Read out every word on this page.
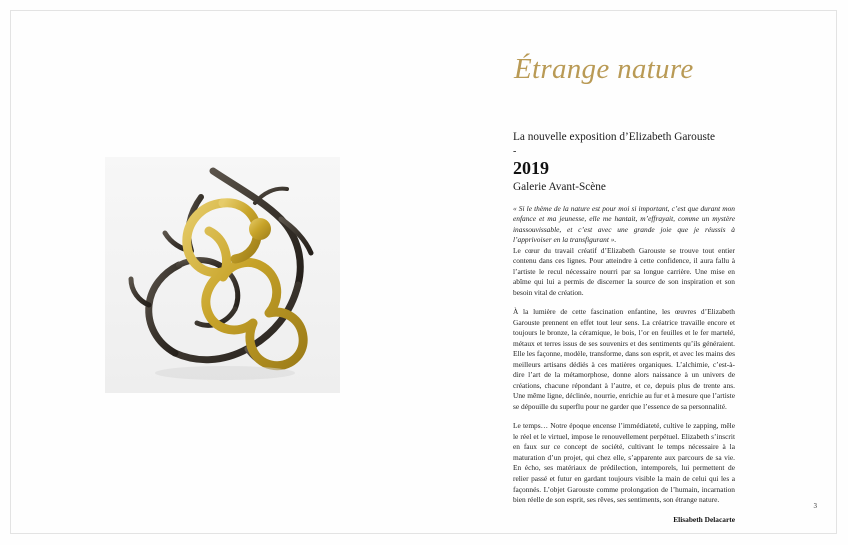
Étrange nature

La nouvelle exposition d’Elizabeth Garouste

-

2019

Galerie Avant-Scène

« Si le thème de la nature est pour moi si important, c’est que durant mon enfance et ma jeunesse, elle me hantait, m’effrayait, comme un mystère inassouvissable, et c’est avec une grande joie que je réussis à l’apprivoiser en la transfigurant ».

Le cœur du travail créatif d’Elizabeth Garouste se trouve tout entier contenu dans ces lignes. Pour atteindre à cette confidence, il aura fallu à l’artiste le recul nécessaire nourri par sa longue carrière. Une mise en abîme qui lui a permis de discerner la source de son inspiration et son besoin vital de création.

À la lumière de cette fascination enfantine, les œuvres d’Elizabeth Garouste prennent en effet tout leur sens. La créatrice travaille encore et toujours le bronze, la céramique, le bois, l’or en feuilles et le fer martelé, métaux et terres issus de ses souvenirs et des sentiments qu’ils généraient. Elle les façonne, modèle, transforme, dans son esprit, et avec les mains des meilleurs artisans dédiés à ces matières organiques. L’alchimie, c’est-à-dire l’art de la métamorphose, donne alors naissance à un univers de créations, chacune répondant à l’autre, et ce, depuis plus de trente ans. Une même ligne, déclinée, nourrie, enrichie au fur et à mesure que l’artiste se dépouille du superflu pour ne garder que l’essence de sa personnalité.

Le temps… Notre époque encense l’immédiateté, cultive le zapping, mêle le réel et le virtuel, impose le renouvellement perpétuel. Elizabeth s’inscrit en faux sur ce concept de société, cultivant le temps nécessaire à la maturation d’un projet, qui chez elle, s’apparente aux parcours de sa vie. En écho, ses matériaux de prédilection, intemporels, lui permettent de relier passé et futur en gardant toujours visible la main de celui qui les a façonnés. L’objet Garouste comme prolongation de l’humain, incarnation bien réelle de son esprit, ses rêves, ses sentiments, son étrange nature.

Elisabeth Delacarte
3
